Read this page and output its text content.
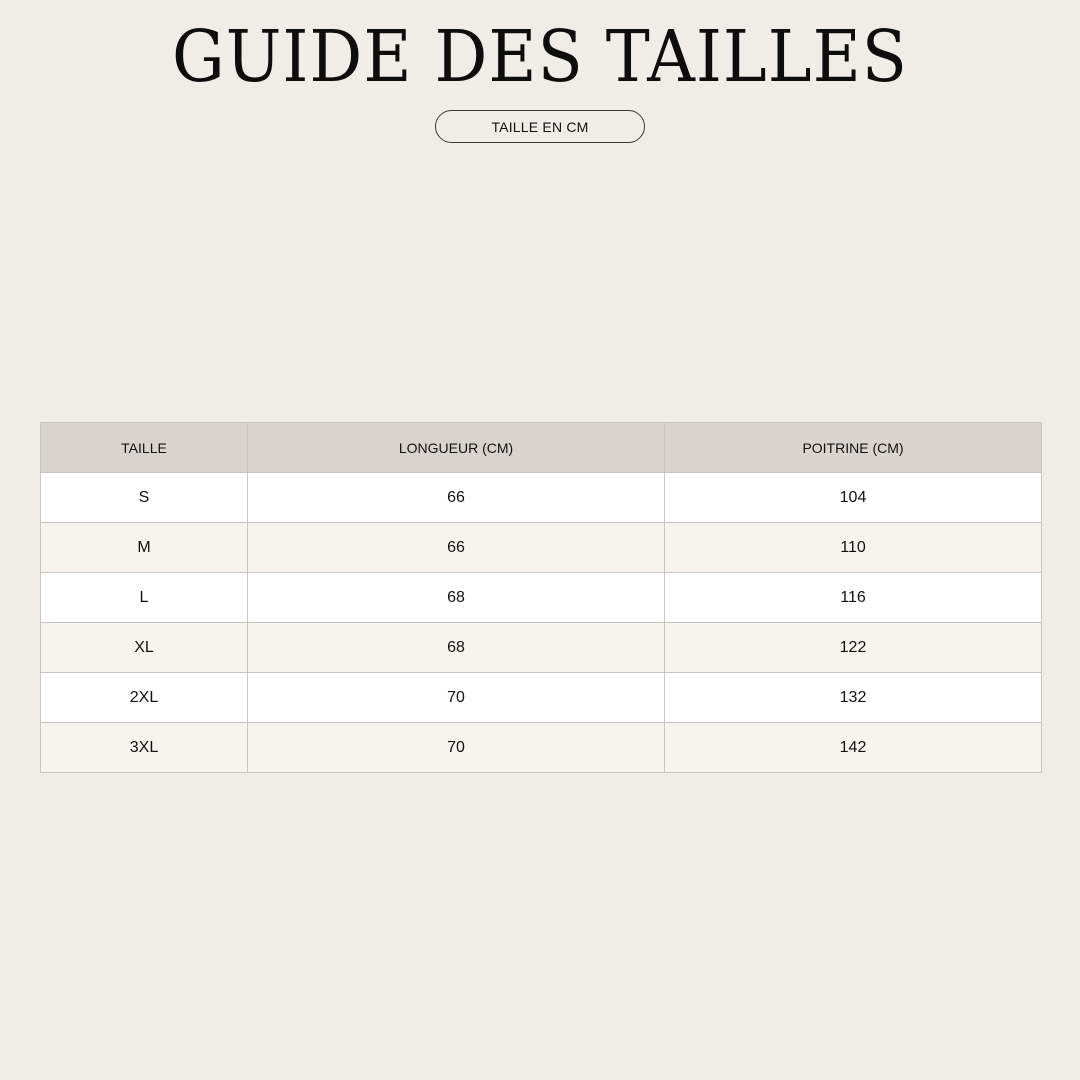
GUIDE DES TAILLES
TAILLE EN CM
TAILLE	LONGUEUR (CM)	POITRINE (CM)
S	66	104
M	66	110
L	68	116
XL	68	122
2XL	70	132
3XL	70	142
